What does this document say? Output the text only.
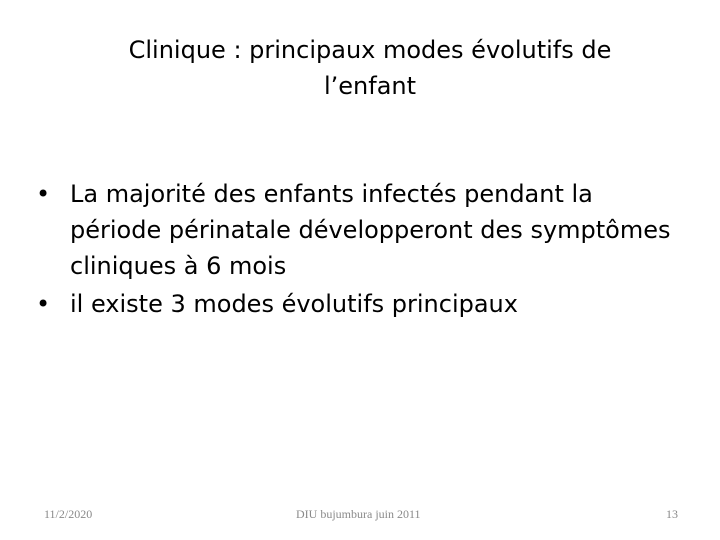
Clinique : principaux modes évolutifs de
l’enfant
• La majorité des enfants infectés pendant la période périnatale développeront des symptômes cliniques à 6 mois
• il existe 3 modes évolutifs principaux
11/2/2020	DIU bujumbura juin 2011	13
